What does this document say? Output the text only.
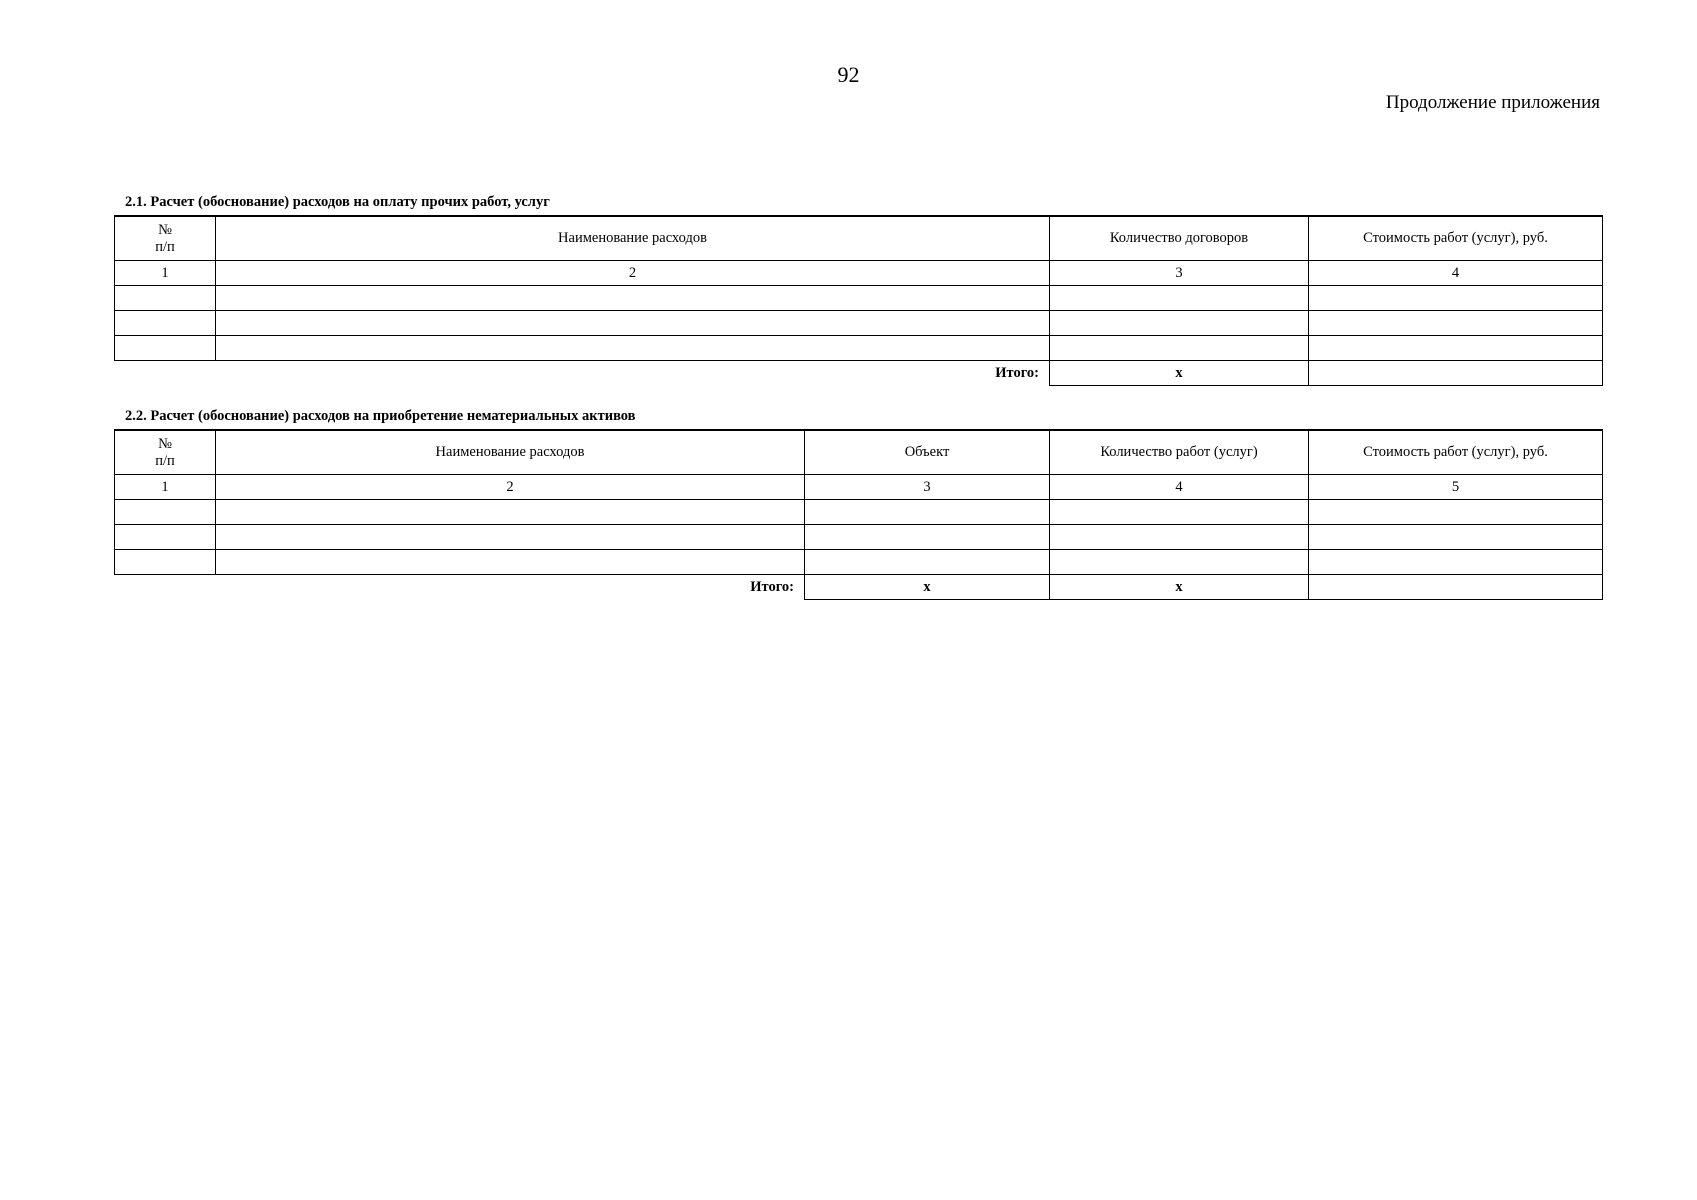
92
Продолжение приложения
2.1. Расчет (обоснование) расходов на оплату прочих работ, услуг
№
п/п	Наименование расходов	Количество договоров	Стоимость работ (услуг), руб.
1	2	3	4

Итого:		x	
2.2. Расчет (обоснование) расходов на приобретение нематериальных активов
№
п/п	Наименование расходов	Объект	Количество работ (услуг)	Стоимость работ (услуг), руб.
1	2	3	4	5

Итого:		x	x	
